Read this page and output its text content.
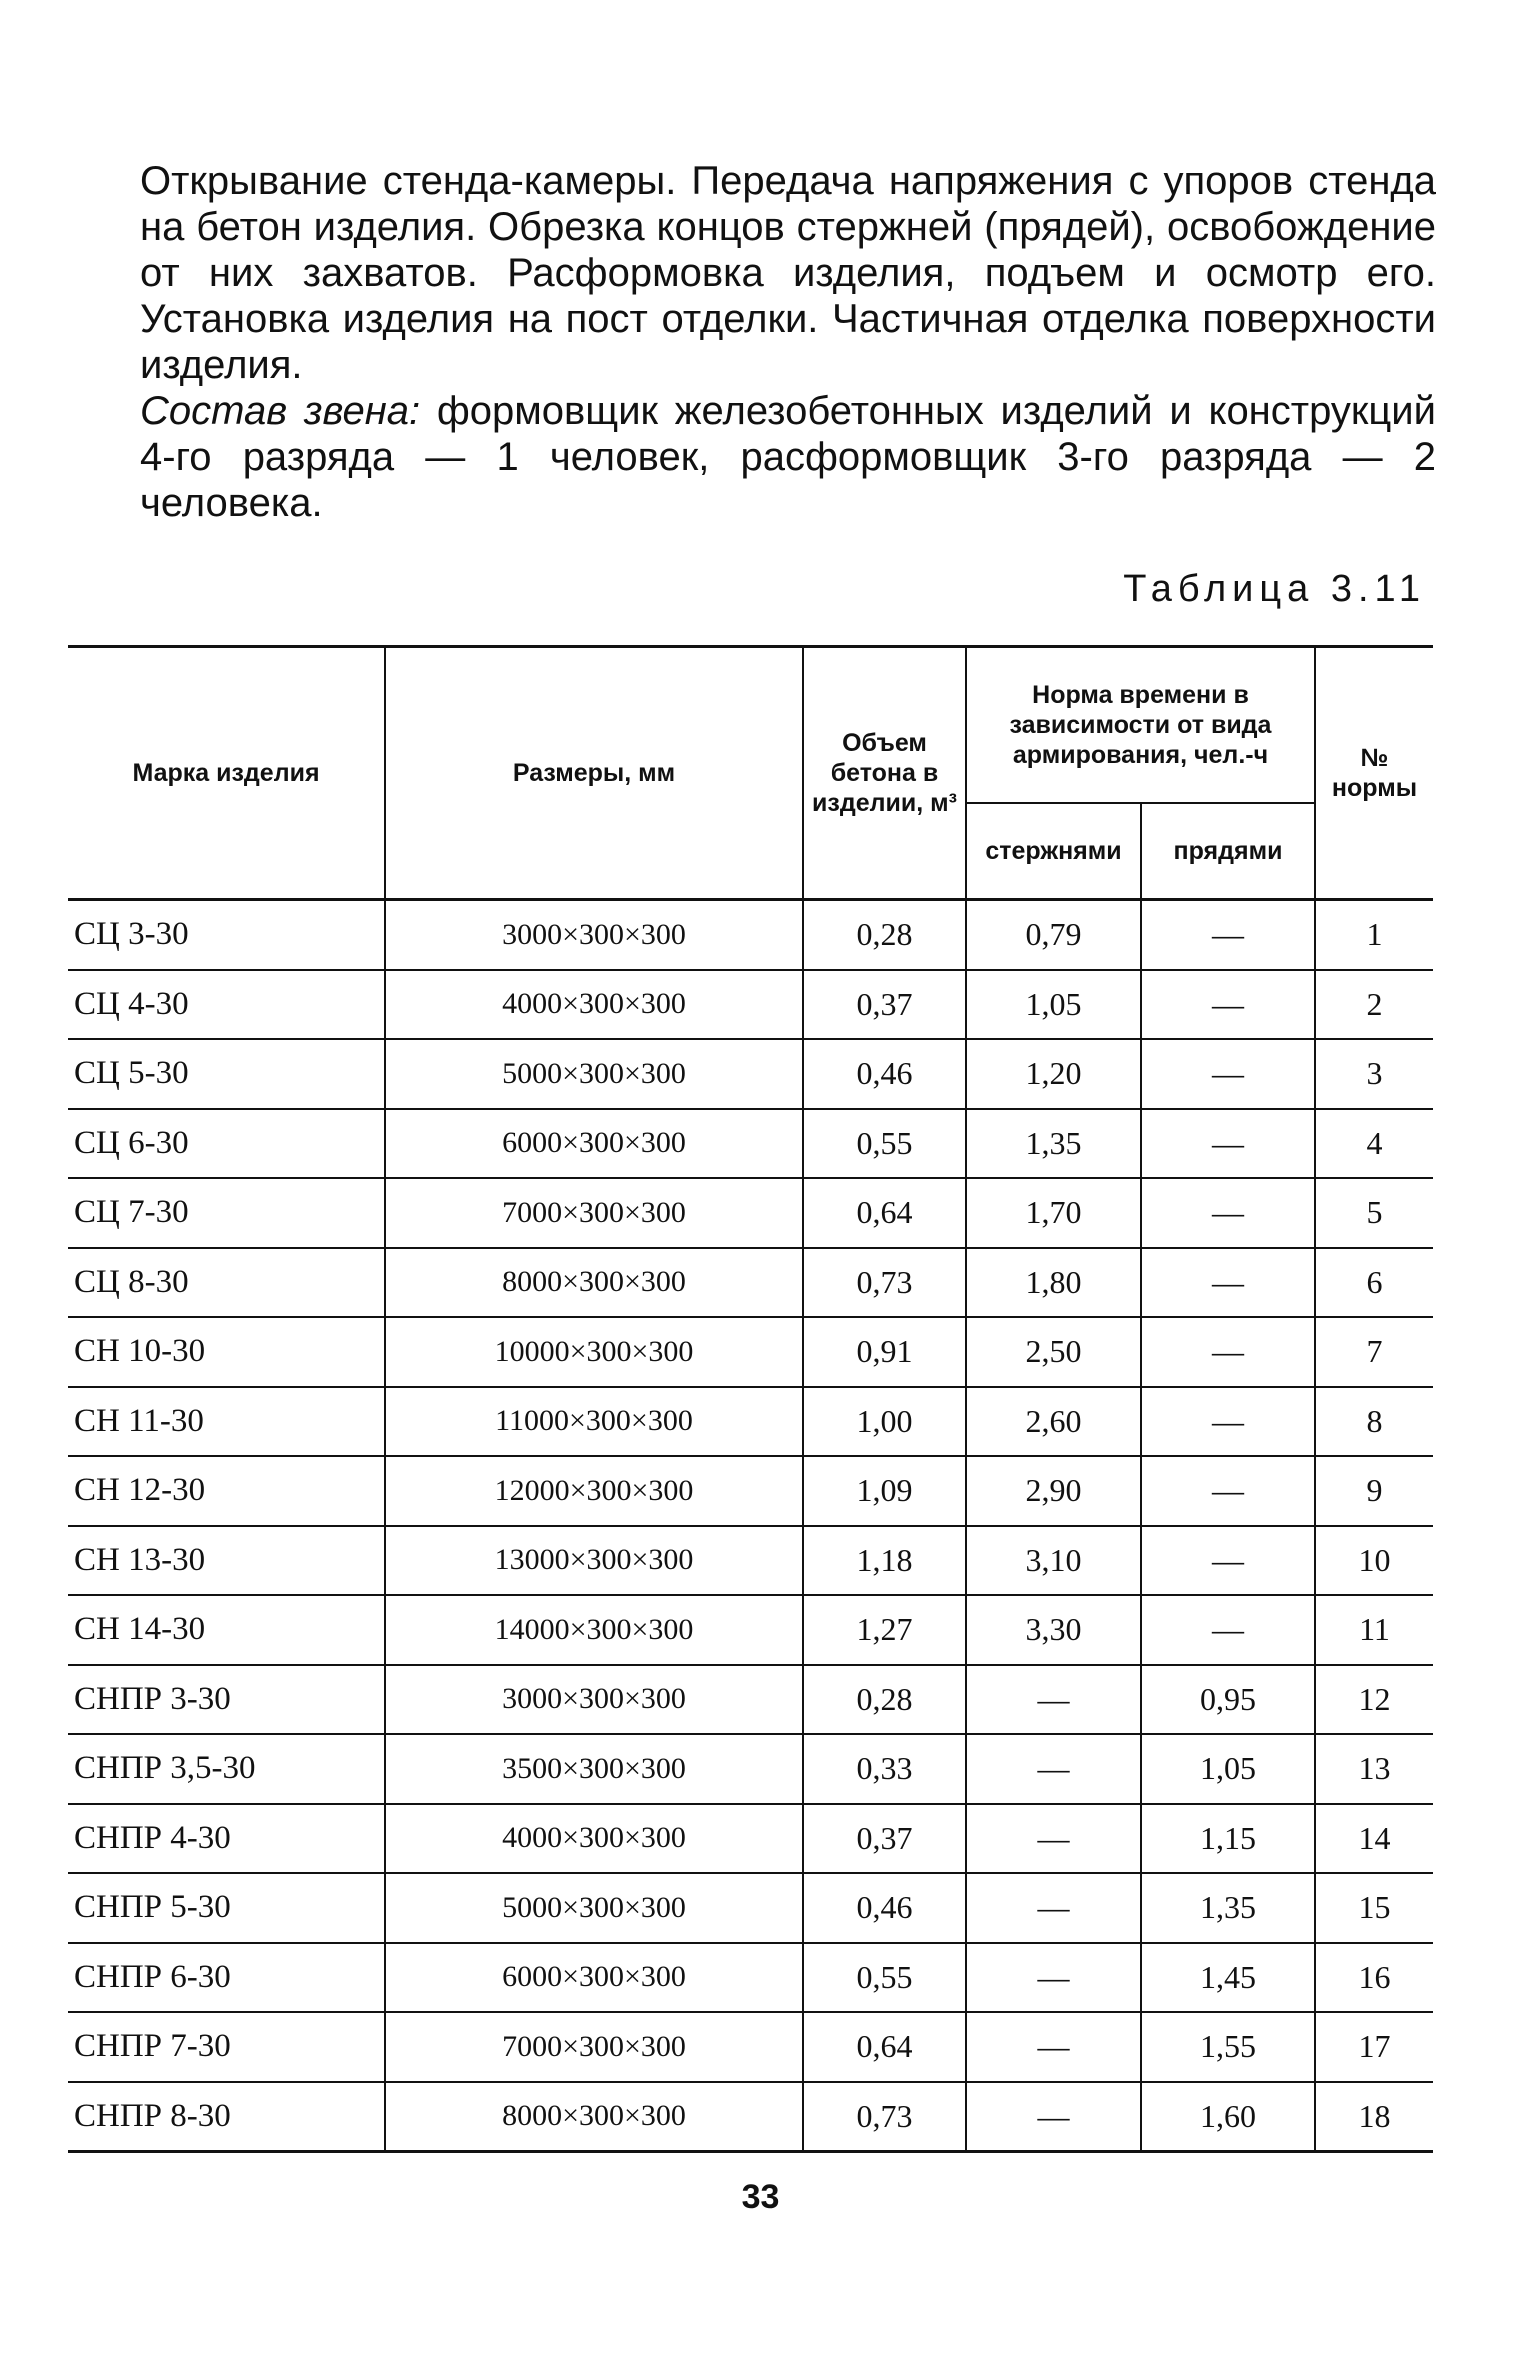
Открывание стенда-камеры. Передача напряжения с упоров стенда на бетон изделия. Обрезка концов стержней (прядей), освобождение от них захватов. Расформовка изделия, подъем и осмотр его. Установка изделия на пост отделки. Частичная отделка поверхности изделия.

Состав звена: формовщик железобетонных изделий и конструкций 4-го разряда — 1 человек, расформовщик 3-го разряда — 2 человека.

Таблица 3.11
Марка изделия	Размеры, мм	Объем бетона в изделии, м³	Норма времени в зависимости от вида армирования, чел.-ч		№ нормы
			стержнями	прядями	
СЦ 3-30	3000×300×300	0,28	0,79	—	1
СЦ 4-30	4000×300×300	0,37	1,05	—	2
СЦ 5-30	5000×300×300	0,46	1,20	—	3
СЦ 6-30	6000×300×300	0,55	1,35	—	4
СЦ 7-30	7000×300×300	0,64	1,70	—	5
СЦ 8-30	8000×300×300	0,73	1,80	—	6
СН 10-30	10000×300×300	0,91	2,50	—	7
СН 11-30	11000×300×300	1,00	2,60	—	8
СН 12-30	12000×300×300	1,09	2,90	—	9
СН 13-30	13000×300×300	1,18	3,10	—	10
СН 14-30	14000×300×300	1,27	3,30	—	11
СНПР 3-30	3000×300×300	0,28	—	0,95	12
СНПР 3,5-30	3500×300×300	0,33	—	1,05	13
СНПР 4-30	4000×300×300	0,37	—	1,15	14
СНПР 5-30	5000×300×300	0,46	—	1,35	15
СНПР 6-30	6000×300×300	0,55	—	1,45	16
СНПР 7-30	7000×300×300	0,64	—	1,55	17
СНПР 8-30	8000×300×300	0,73	—	1,60	18
33
